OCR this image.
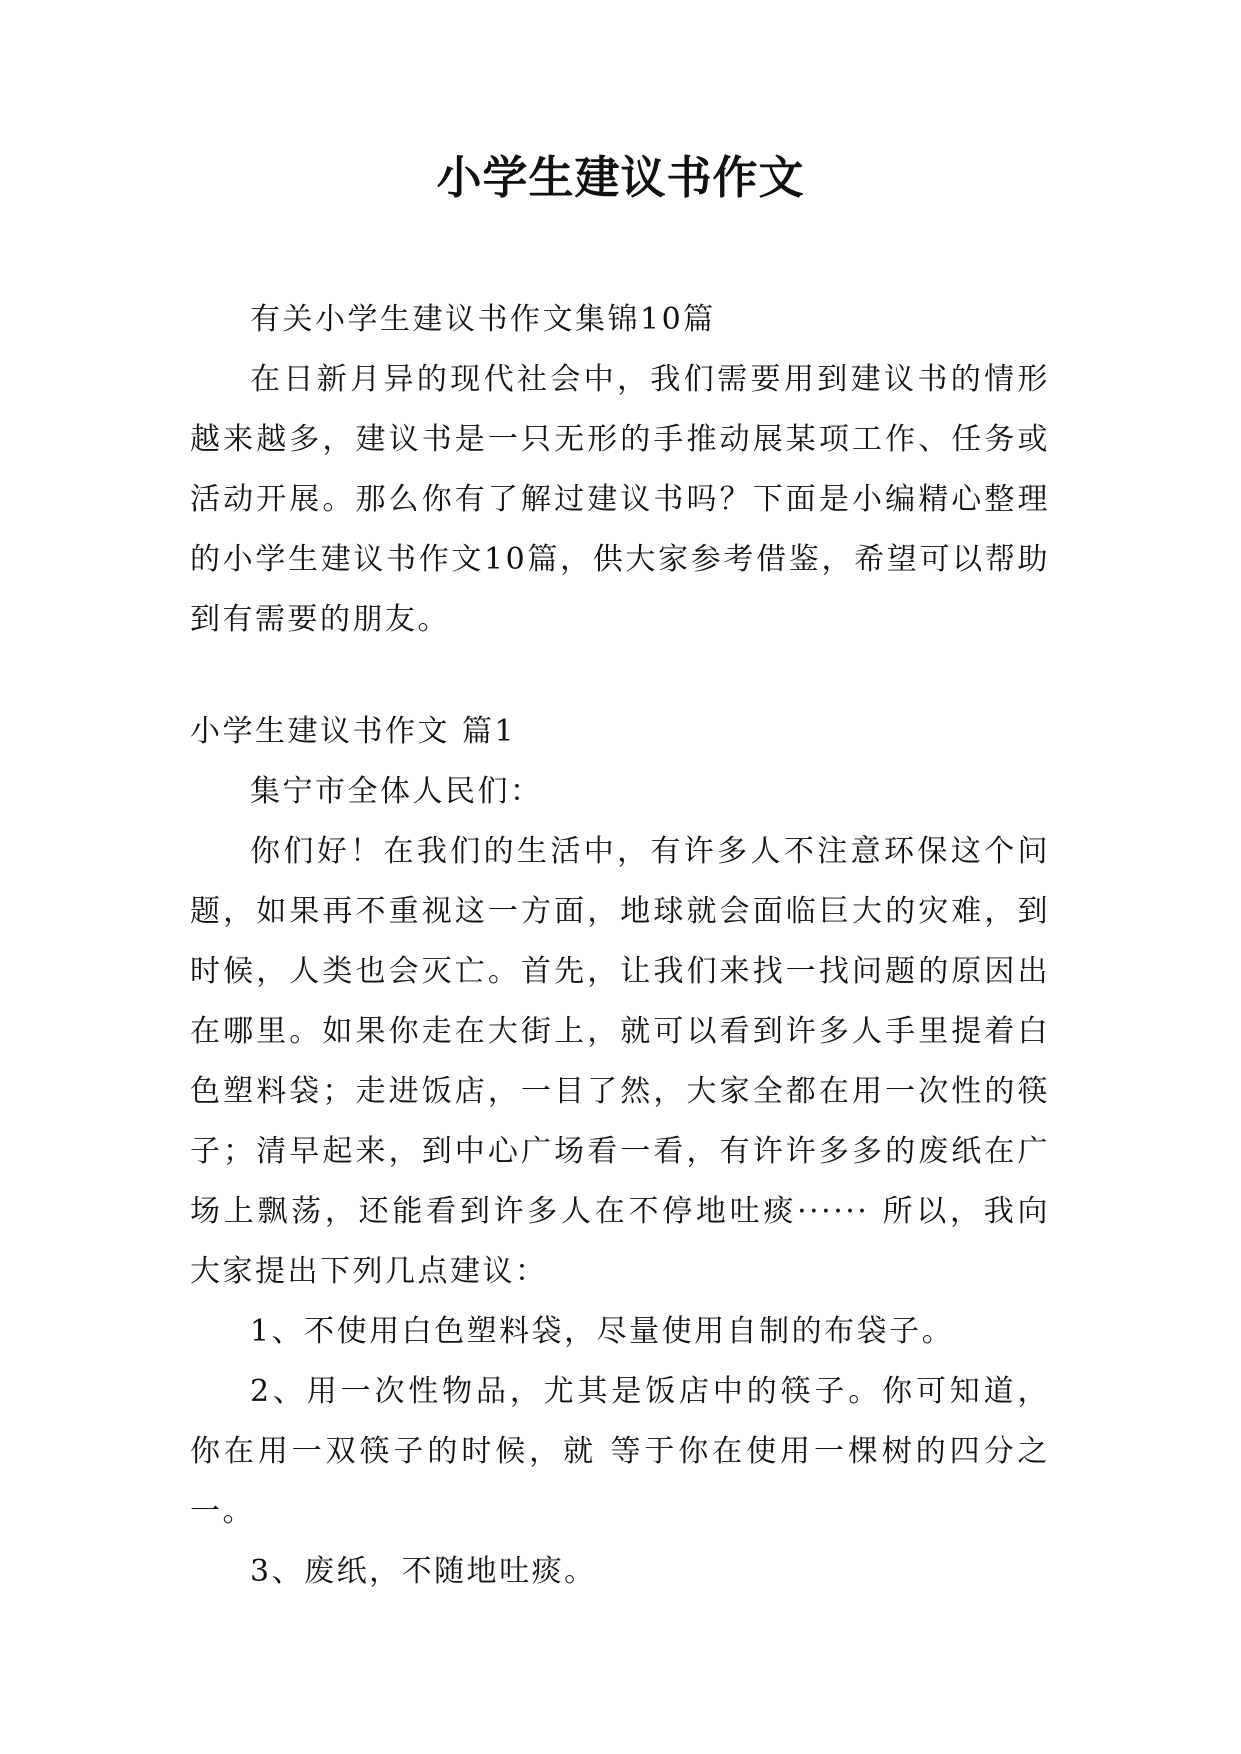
小学生建议书作文

有关小学生建议书作文集锦10篇

在日新月异的现代社会中，我们需要用到建议书的情形越来越多，建议书是一只无形的手推动展某项工作、任务或活动开展。那么你有了解过建议书吗？下面是小编精心整理的小学生建议书作文10篇，供大家参考借鉴，希望可以帮助到有需要的朋友。

小学生建议书作文 篇1

集宁市全体人民们：

你们好！在我们的生活中，有许多人不注意环保这个问题，如果再不重视这一方面，地球就会面临巨大的灾难，到时候，人类也会灭亡。首先，让我们来找一找问题的原因出在哪里。如果你走在大街上，就可以看到许多人手里提着白色塑料袋；走进饭店，一目了然，大家全都在用一次性的筷子；清早起来，到中心广场看一看，有许许多多的废纸在广场上飘荡，还能看到许多人在不停地吐痰······ 所以，我向大家提出下列几点建议：

1、不使用白色塑料袋，尽量使用自制的布袋子。

2、用一次性物品，尤其是饭店中的筷子。你可知道，你在用一双筷子的时候，就 等于你在使用一棵树的四分之一。

3、废纸，不随地吐痰。
